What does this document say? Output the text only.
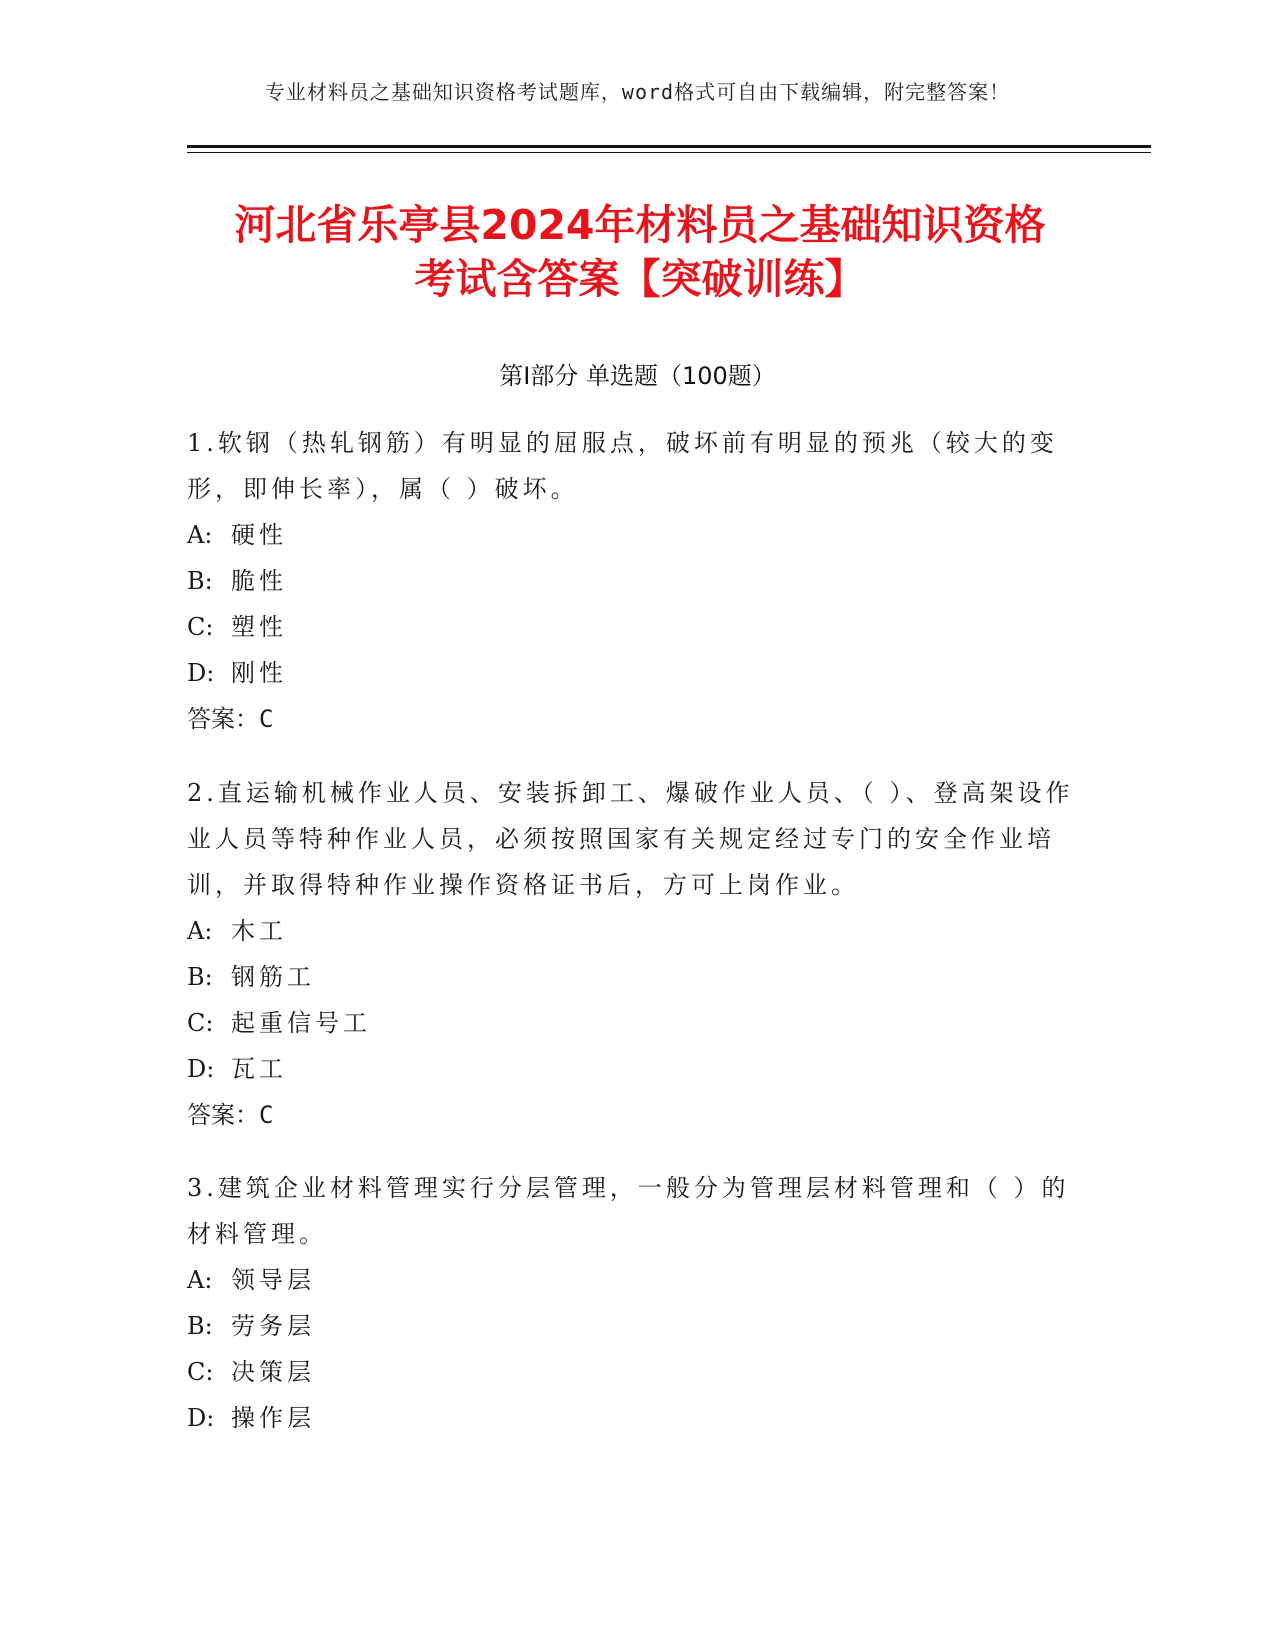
专业材料员之基础知识资格考试题库，word格式可自由下载编辑，附完整答案！
河北省乐亭县2024年材料员之基础知识资格
考试含答案【突破训练】
第Ⅰ部分 单选题（100题）

1.软钢（热轧钢筋）有明显的屈服点，破坏前有明显的预兆（较大的变形，即伸长率），属（ ）破坏。

A: 硬性
B: 脆性
C: 塑性
D: 刚性
答案：C

2.直运输机械作业人员、安装拆卸工、爆破作业人员、（ ）、登高架设作业人员等特种作业人员，必须按照国家有关规定经过专门的安全作业培训，并取得特种作业操作资格证书后，方可上岗作业。

A: 木工
B: 钢筋工
C: 起重信号工
D: 瓦工
答案：C

3.建筑企业材料管理实行分层管理，一般分为管理层材料管理和（ ）的材料管理。

A: 领导层
B: 劳务层
C: 决策层
D: 操作层
